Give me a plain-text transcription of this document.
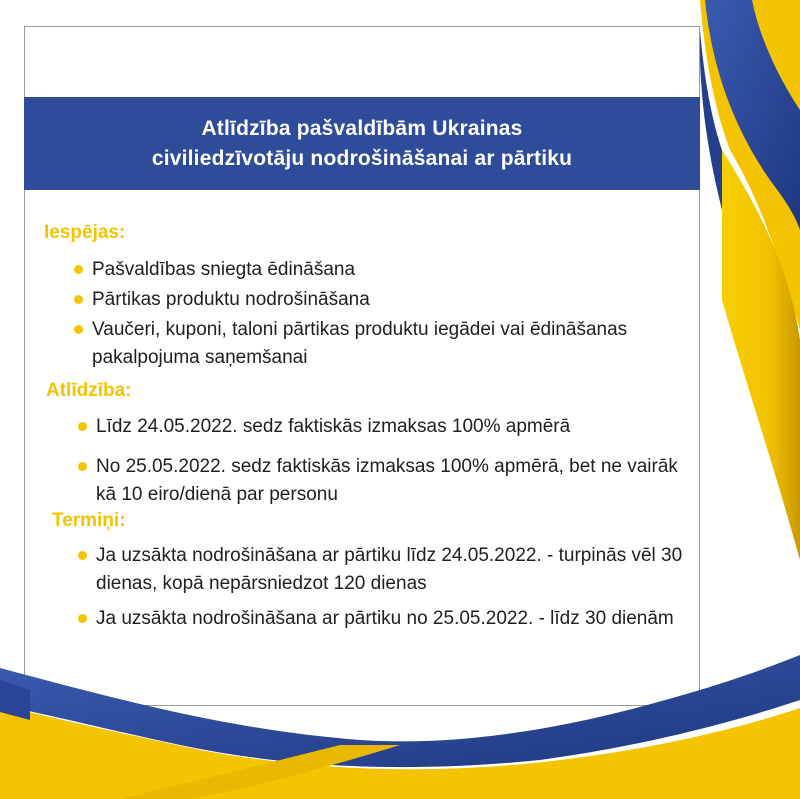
Atlīdzība pašvaldībām Ukrainas
civiliedzīvotāju nodrošināšanai ar pārtiku
Iespējas:
Pašvaldības sniegta ēdināšana
Pārtikas produktu nodrošināšana
Vaučeri, kuponi, taloni pārtikas produktu iegādei vai ēdināšanas pakalpojuma saņemšanai
Atlīdzība:
Līdz 24.05.2022. sedz faktiskās izmaksas 100% apmērā
No 25.05.2022. sedz faktiskās izmaksas 100% apmērā, bet ne vairāk kā 10 eiro/dienā par personu
Termiņi:
Ja uzsākta nodrošināšana ar pārtiku līdz 24.05.2022. - turpinās vēl 30 dienas, kopā nepārsniedzot 120 dienas
Ja uzsākta nodrošināšana ar pārtiku no 25.05.2022. - līdz 30 dienām
